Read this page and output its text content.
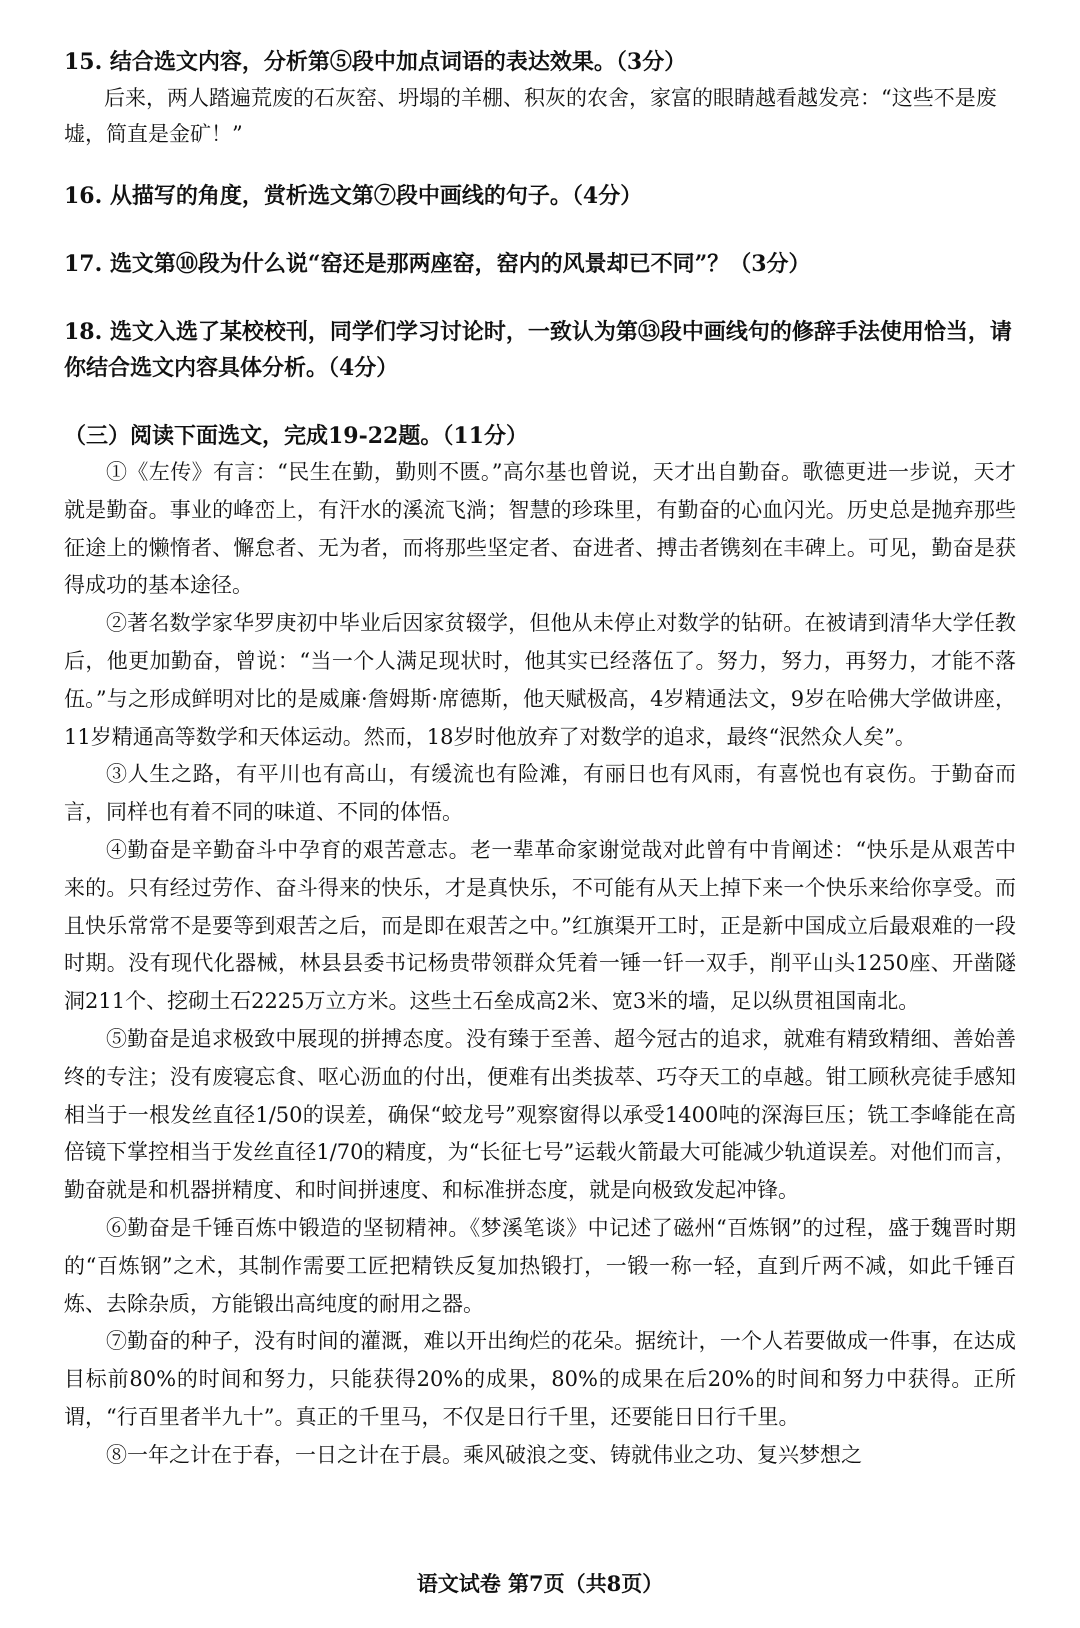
15. 结合选文内容，分析第⑤段中加点词语的表达效果。（3分）
后来，两人踏遍荒废的石灰窑、坍塌的羊棚、积灰的农舍，家富的眼睛越看越发亮：“这些不是废墟，简直是金矿！”
16. 从描写的角度，赏析选文第⑦段中画线的句子。（4分）
17. 选文第⑩段为什么说“窑还是那两座窑，窑内的风景却已不同”？（3分）
18. 选文入选了某校校刊，同学们学习讨论时，一致认为第⑬段中画线句的修辞手法使用恰当，请你结合选文内容具体分析。（4分）
（三）阅读下面选文，完成19-22题。（11分）

①《左传》有言：“民生在勤，勤则不匮。”高尔基也曾说，天才出自勤奋。歌德更进一步说，天才就是勤奋。事业的峰峦上，有汗水的溪流飞淌；智慧的珍珠里，有勤奋的心血闪光。历史总是抛弃那些征途上的懒惰者、懈怠者、无为者，而将那些坚定者、奋进者、搏击者镌刻在丰碑上。可见，勤奋是获得成功的基本途径。

②著名数学家华罗庚初中毕业后因家贫辍学，但他从未停止对数学的钻研。在被请到清华大学任教后，他更加勤奋，曾说：“当一个人满足现状时，他其实已经落伍了。努力，努力，再努力，才能不落伍。”与之形成鲜明对比的是威廉·詹姆斯·席德斯，他天赋极高，4岁精通法文，9岁在哈佛大学做讲座，11岁精通高等数学和天体运动。然而，18岁时他放弃了对数学的追求，最终“泯然众人矣”。

③人生之路，有平川也有高山，有缓流也有险滩，有丽日也有风雨，有喜悦也有哀伤。于勤奋而言，同样也有着不同的味道、不同的体悟。

④勤奋是辛勤奋斗中孕育的艰苦意志。老一辈革命家谢觉哉对此曾有中肯阐述：“快乐是从艰苦中来的。只有经过劳作、奋斗得来的快乐，才是真快乐，不可能有从天上掉下来一个快乐来给你享受。而且快乐常常不是要等到艰苦之后，而是即在艰苦之中。”红旗渠开工时，正是新中国成立后最艰难的一段时期。没有现代化器械，林县县委书记杨贵带领群众凭着一锤一钎一双手，削平山头1250座、开凿隧洞211个、挖砌土石2225万立方米。这些土石垒成高2米、宽3米的墙，足以纵贯祖国南北。

⑤勤奋是追求极致中展现的拼搏态度。没有臻于至善、超今冠古的追求，就难有精致精细、善始善终的专注；没有废寝忘食、呕心沥血的付出，便难有出类拔萃、巧夺天工的卓越。钳工顾秋亮徒手感知相当于一根发丝直径1/50的误差，确保“蛟龙号”观察窗得以承受1400吨的深海巨压；铣工李峰能在高倍镜下掌控相当于发丝直径1/70的精度，为“长征七号”运载火箭最大可能减少轨道误差。对他们而言，勤奋就是和机器拼精度、和时间拼速度、和标准拼态度，就是向极致发起冲锋。

⑥勤奋是千锤百炼中锻造的坚韧精神。《梦溪笔谈》中记述了磁州“百炼钢”的过程，盛于魏晋时期的“百炼钢”之术，其制作需要工匠把精铁反复加热锻打，一锻一称一轻，直到斤两不减，如此千锤百炼、去除杂质，方能锻出高纯度的耐用之器。

⑦勤奋的种子，没有时间的灌溉，难以开出绚烂的花朵。据统计，一个人若要做成一件事，在达成目标前80%的时间和努力，只能获得20%的成果，80%的成果在后20%的时间和努力中获得。正所谓，“行百里者半九十”。真正的千里马，不仅是日行千里，还要能日日行千里。

⑧一年之计在于春，一日之计在于晨。乘风破浪之变、铸就伟业之功、复兴梦想之

语文试卷 第7页（共8页）
